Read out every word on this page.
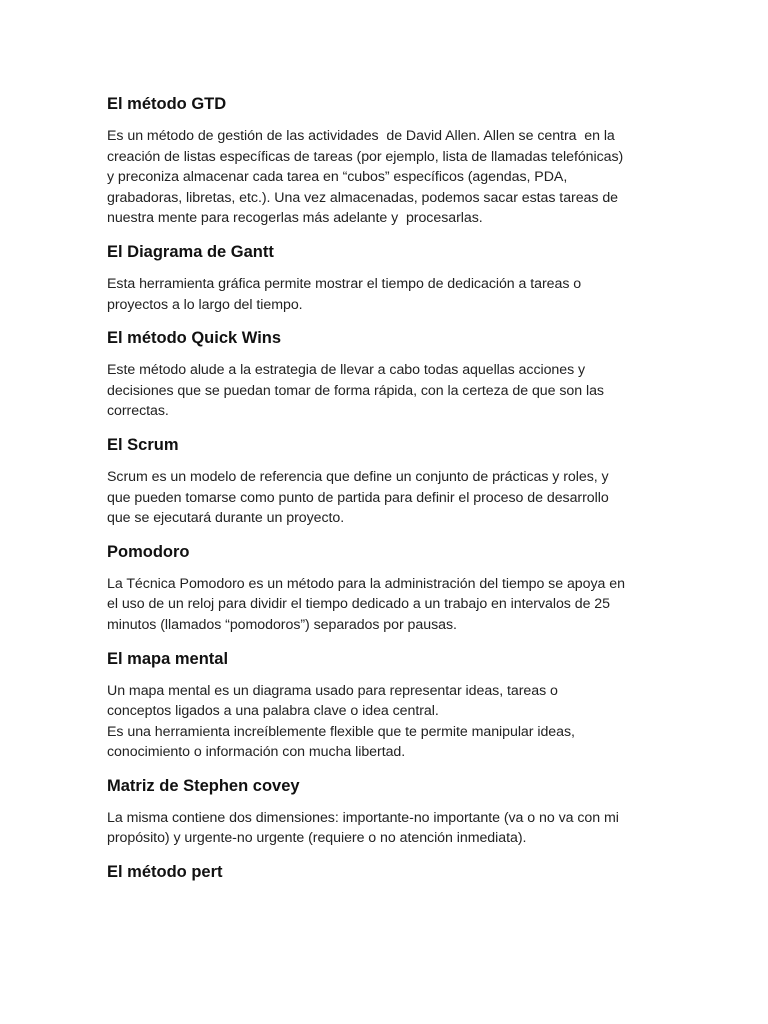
El método GTD

Es un método de gestión de las actividades  de David Allen. Allen se centra  en la
creación de listas específicas de tareas (por ejemplo, lista de llamadas telefónicas)
y preconiza almacenar cada tarea en “cubos” específicos (agendas, PDA,
grabadoras, libretas, etc.). Una vez almacenadas, podemos sacar estas tareas de
nuestra mente para recogerlas más adelante y  procesarlas.

El Diagrama de Gantt

Esta herramienta gráfica permite mostrar el tiempo de dedicación a tareas o
proyectos a lo largo del tiempo.

El método Quick Wins

Este método alude a la estrategia de llevar a cabo todas aquellas acciones y
decisiones que se puedan tomar de forma rápida, con la certeza de que son las
correctas.

El Scrum

Scrum es un modelo de referencia que define un conjunto de prácticas y roles, y
que pueden tomarse como punto de partida para definir el proceso de desarrollo
que se ejecutará durante un proyecto.

Pomodoro

La Técnica Pomodoro es un método para la administración del tiempo se apoya en
el uso de un reloj para dividir el tiempo dedicado a un trabajo en intervalos de 25
minutos (llamados “pomodoros”) separados por pausas.

El mapa mental

Un mapa mental es un diagrama usado para representar ideas, tareas o
conceptos ligados a una palabra clave o idea central.
Es una herramienta increíblemente flexible que te permite manipular ideas,
conocimiento o información con mucha libertad.

Matriz de Stephen covey

La misma contiene dos dimensiones: importante-no importante (va o no va con mi
propósito) y urgente-no urgente (requiere o no atención inmediata).

El método pert
